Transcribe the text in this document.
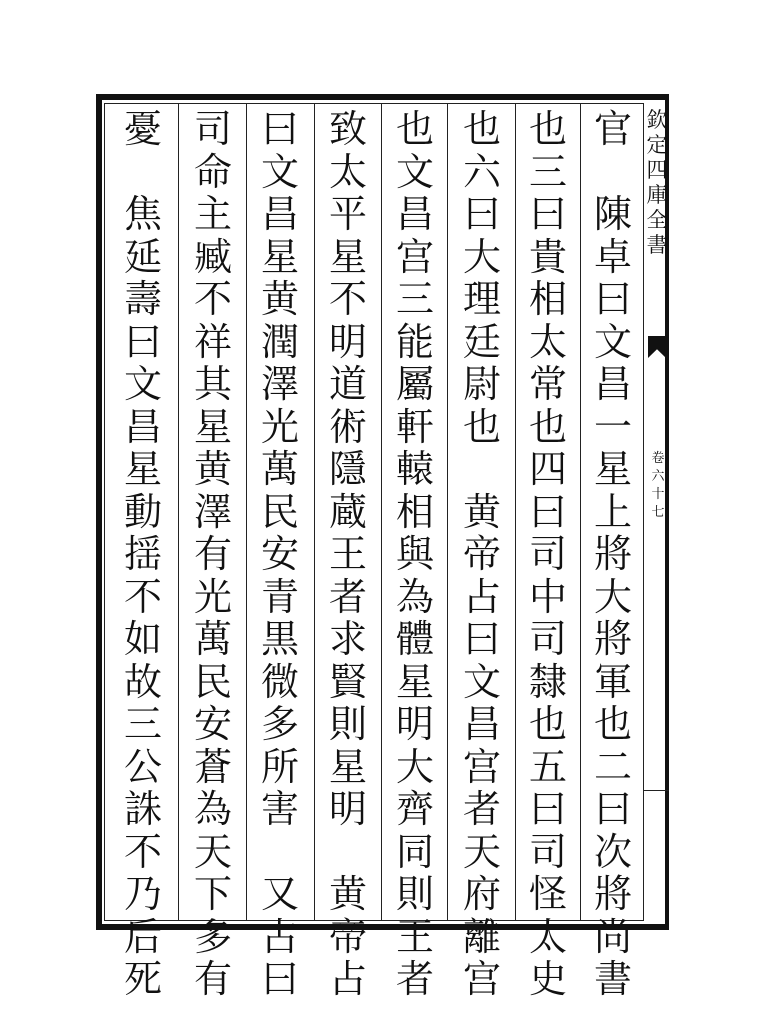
官

陳
卓
曰
文
昌
一
星
上
將
大
將
軍
也
二
曰
次
將
尚
書
也
三
曰
貴
相
太
常
也
四
曰
司
中
司
隸
也
五
曰
司
怪
太
史
也
六
曰
大
理
廷
尉
也

黄
帝
占
曰
文
昌
宫
者
天
府
離
宫
也
文
昌
宫
三
能
屬
軒
轅
相
與
為
體
星
明
大
齊
同
則
王
者
致
太
平
星
不
明
道
術
隱
蔵
王
者
求
賢
則
星
明

黄
帝
占
曰
文
昌
星
黄
潤
澤
光
萬
民
安
青
黒
微
多
所
害

又
占
曰
司
命
主
臧
不
祥
其
星
黄
澤
有
光
萬
民
安
蒼
為
天
下
多
有
憂

焦
延
壽
曰
文
昌
星
動
揺
不
如
故
三
公
誅
不
乃
后
死
欽
定
四
庫
全
書
卷
六
十
七
